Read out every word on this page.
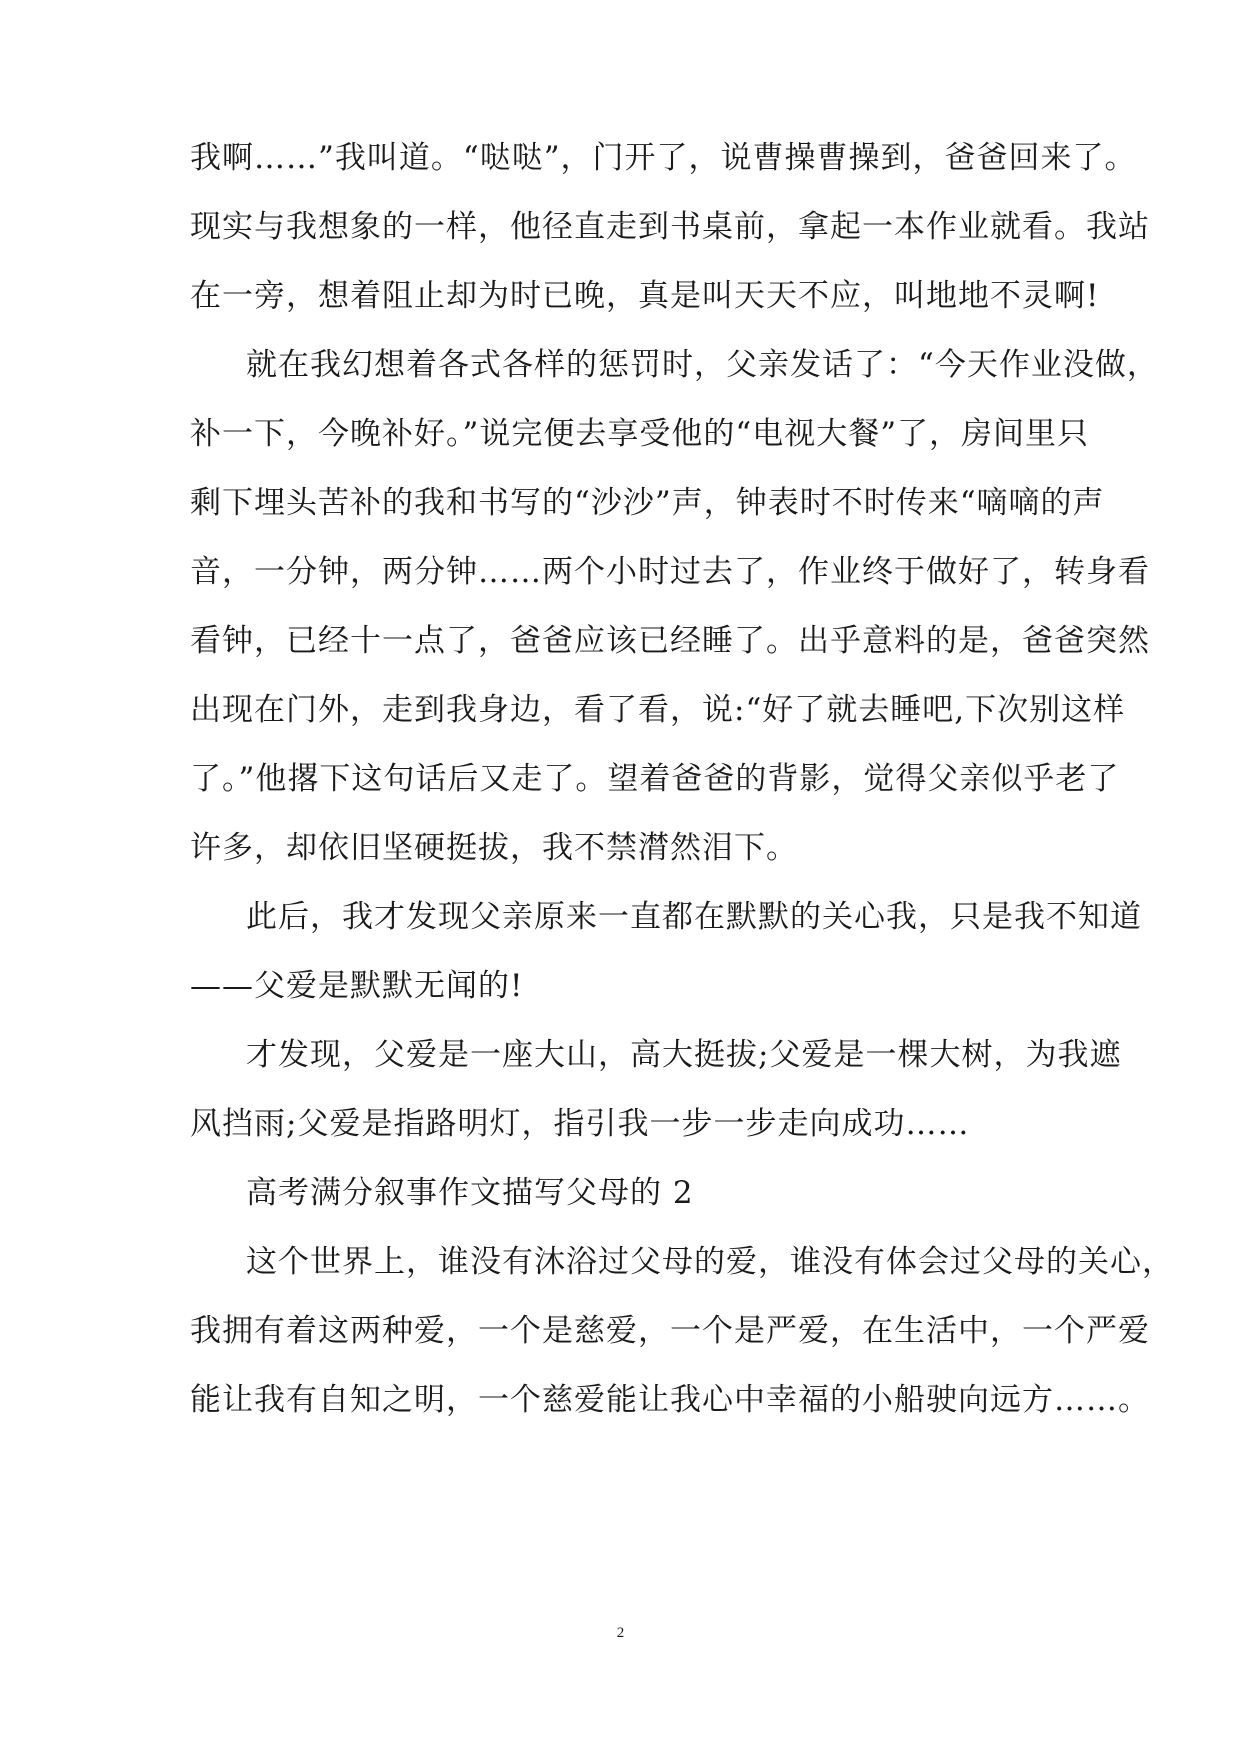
我啊……”我叫道。“哒哒”，门开了，说曹操曹操到，爸爸回来了。
现实与我想象的一样，他径直走到书桌前，拿起一本作业就看。我站
在一旁，想着阻止却为时已晚，真是叫天天不应，叫地地不灵啊!
就在我幻想着各式各样的惩罚时，父亲发话了：“今天作业没做，
补一下，今晚补好。”说完便去享受他的“电视大餐”了，房间里只
剩下埋头苦补的我和书写的“沙沙”声，钟表时不时传来“嘀嘀的声
音，一分钟，两分钟……两个小时过去了，作业终于做好了，转身看
看钟，已经十一点了，爸爸应该已经睡了。出乎意料的是，爸爸突然
出现在门外，走到我身边，看了看，说:“好了就去睡吧,下次别这样
了。”他撂下这句话后又走了。望着爸爸的背影，觉得父亲似乎老了
许多，却依旧坚硬挺拔，我不禁潸然泪下。
此后，我才发现父亲原来一直都在默默的关心我，只是我不知道
——父爱是默默无闻的!
才发现，父爱是一座大山，高大挺拔;父爱是一棵大树，为我遮
风挡雨;父爱是指路明灯，指引我一步一步走向成功……
高考满分叙事作文描写父母的 2
这个世界上，谁没有沐浴过父母的爱，谁没有体会过父母的关心，
我拥有着这两种爱，一个是慈爱，一个是严爱，在生活中，一个严爱
能让我有自知之明，一个慈爱能让我心中幸福的小船驶向远方……。
2
